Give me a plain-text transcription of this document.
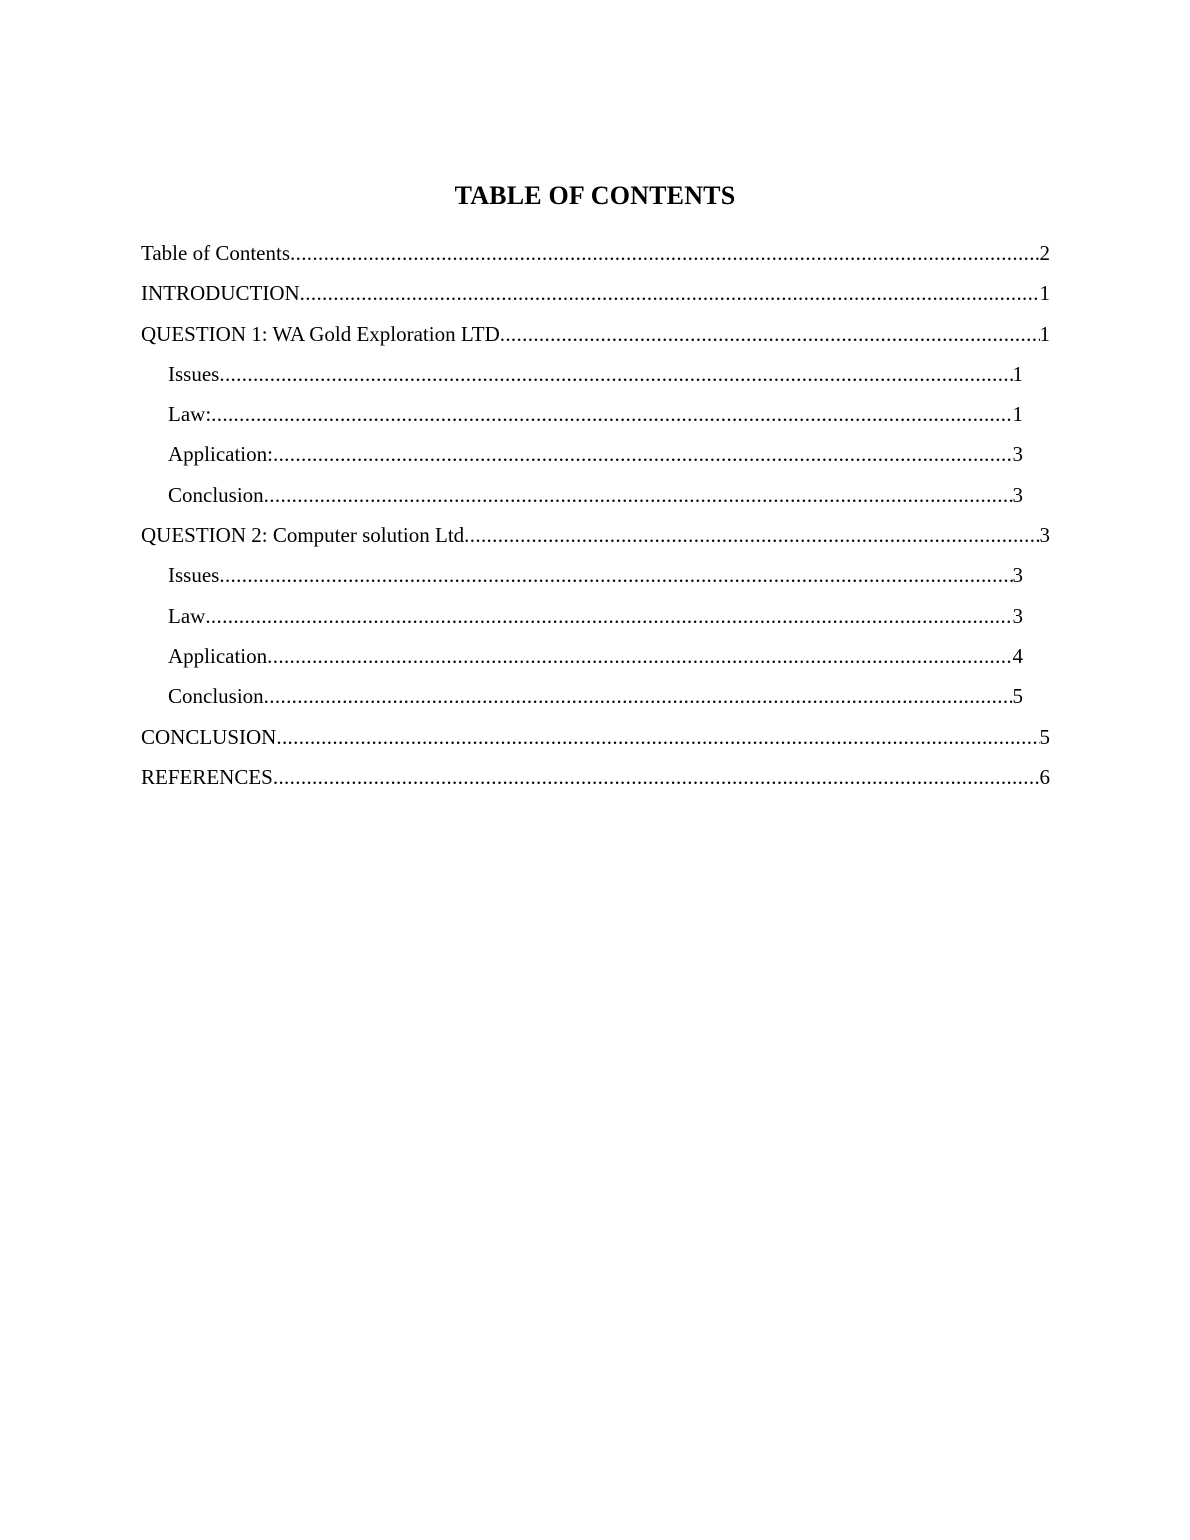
TABLE OF CONTENTS
Table of Contents .....	2
INTRODUCTION .....	1
QUESTION 1: WA Gold Exploration LTD .....	1
Issues .....	1
Law: .....	1
Application: .....	3
Conclusion .....	3
QUESTION 2: Computer solution Ltd .....	3
Issues .....	3
Law .....	3
Application .....	4
Conclusion .....	5
CONCLUSION .....	5
REFERENCES .....	6
